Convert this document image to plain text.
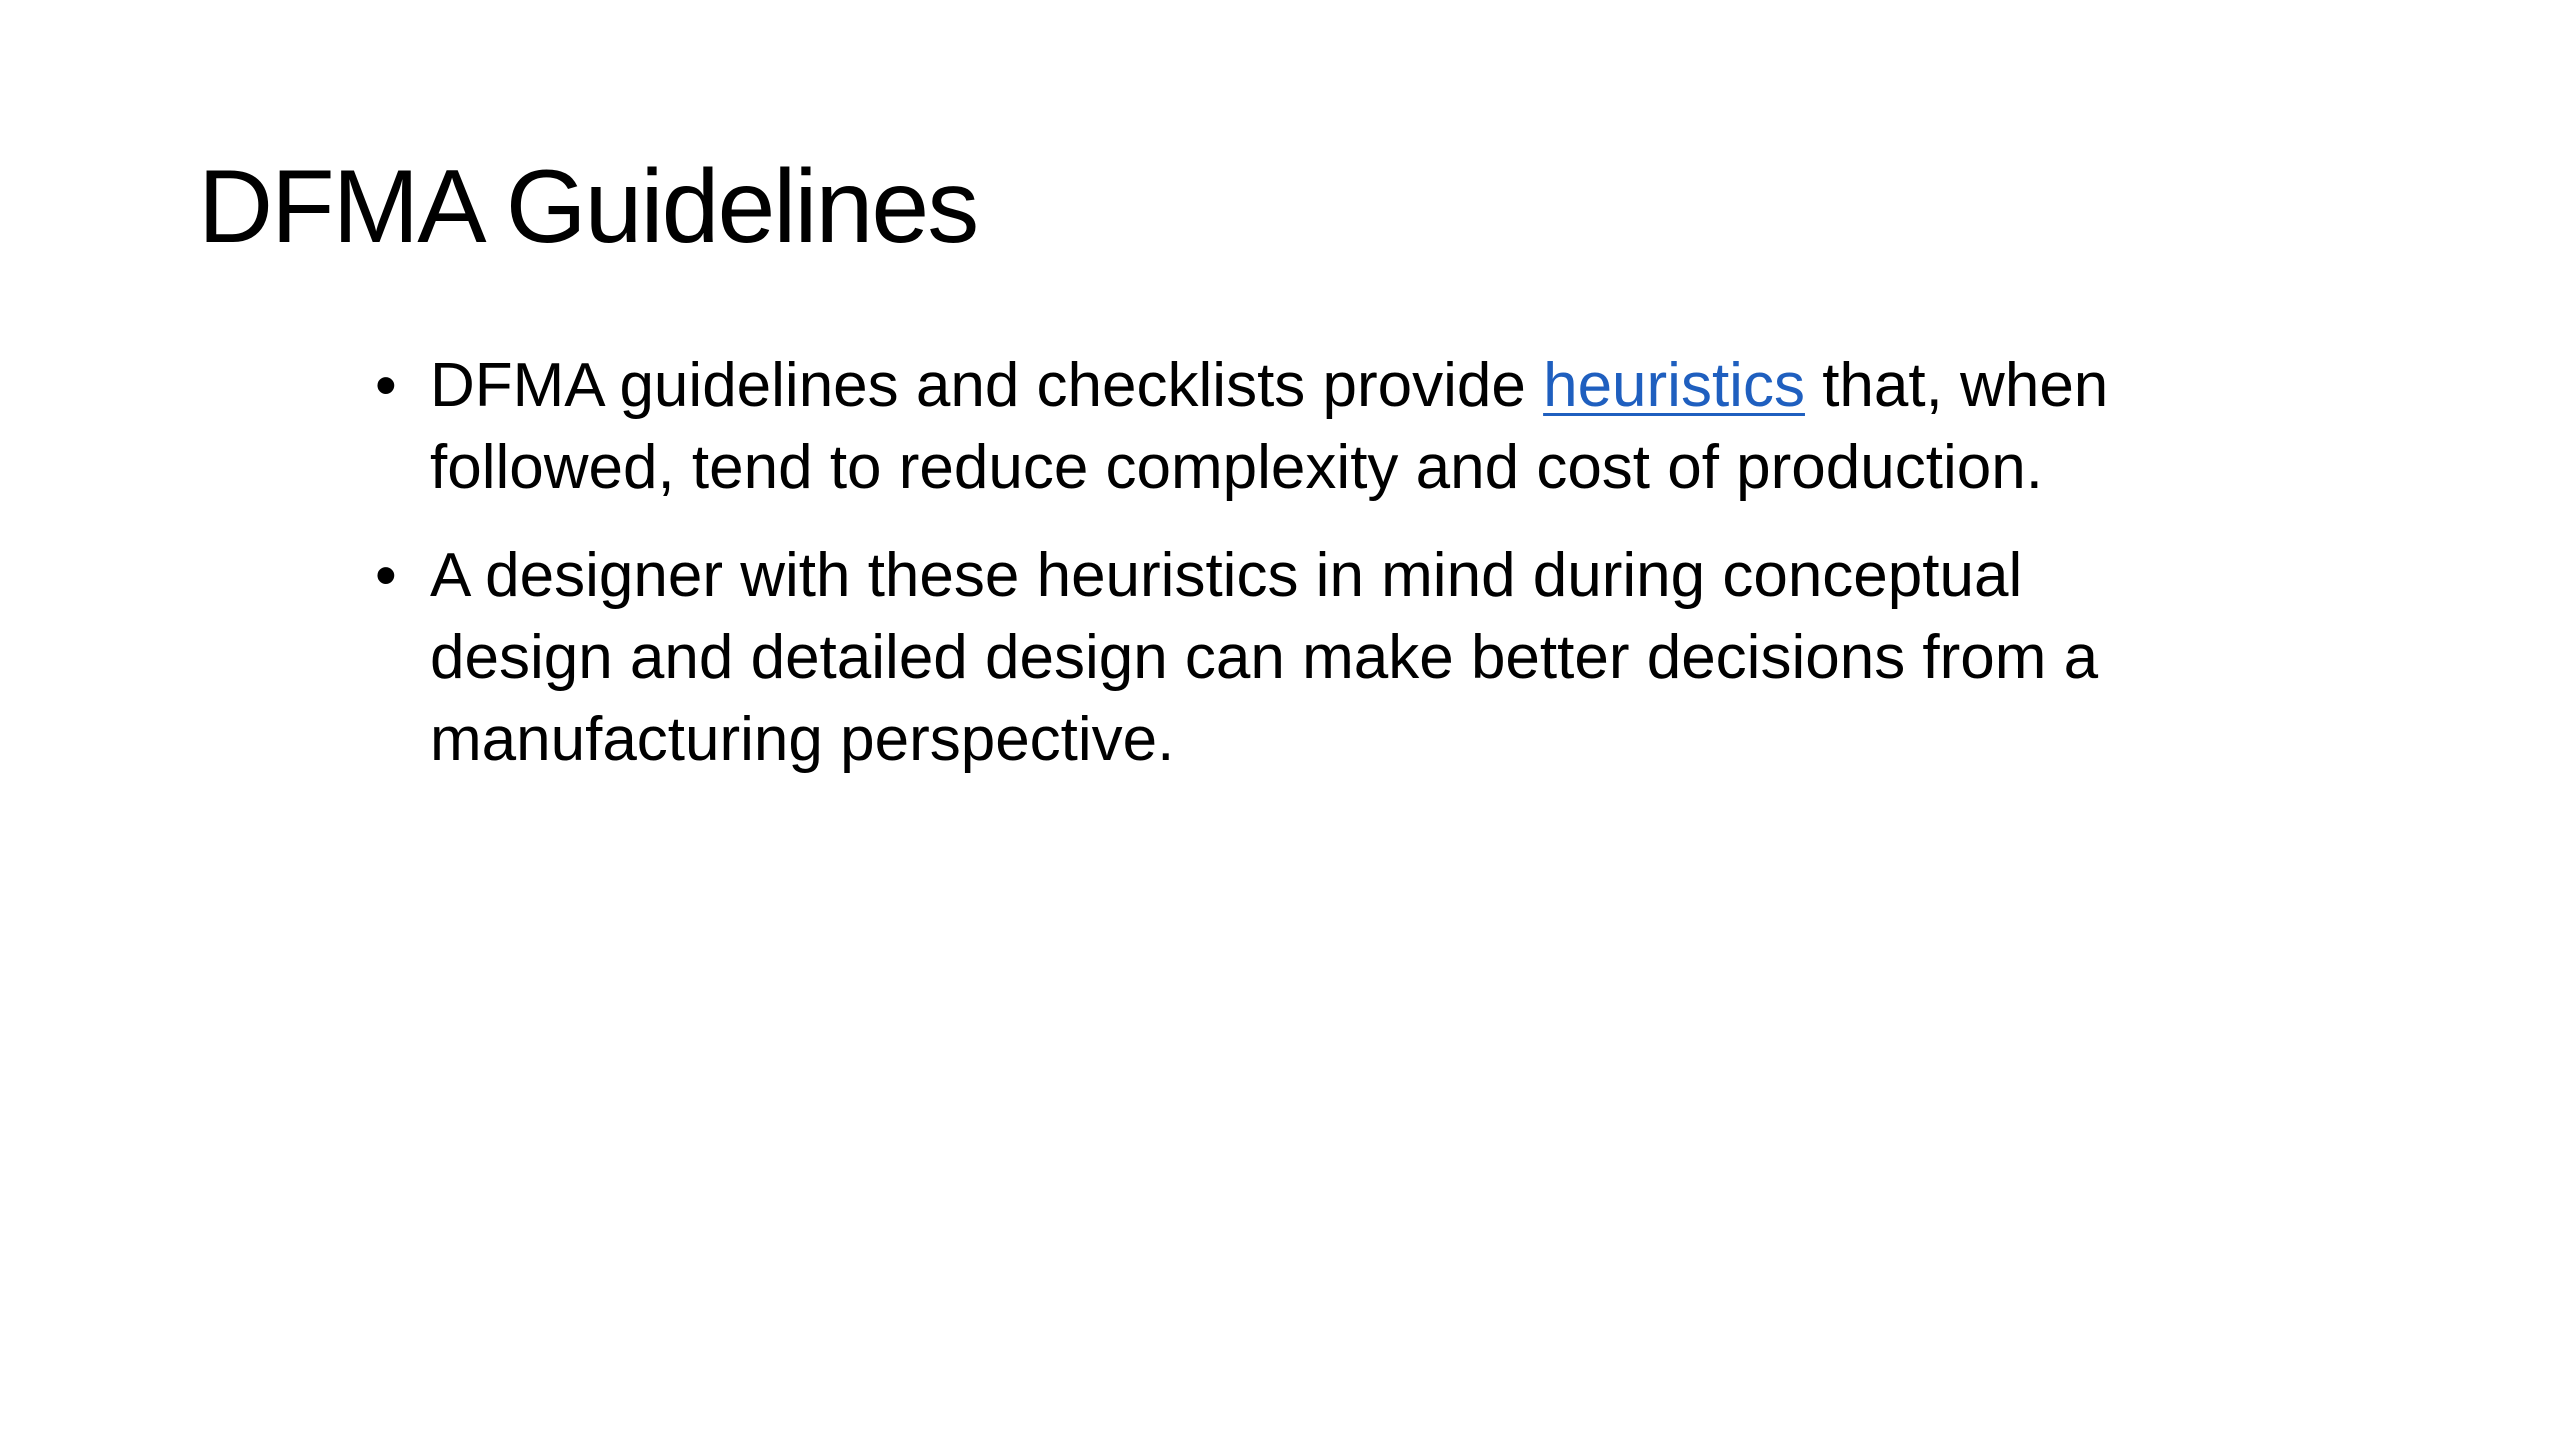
DFMA Guidelines
• DFMA guidelines and checklists provide heuristics that, when followed, tend to reduce complexity and cost of production.
• A designer with these heuristics in mind during conceptual design and detailed design can make better decisions from a manufacturing perspective.
